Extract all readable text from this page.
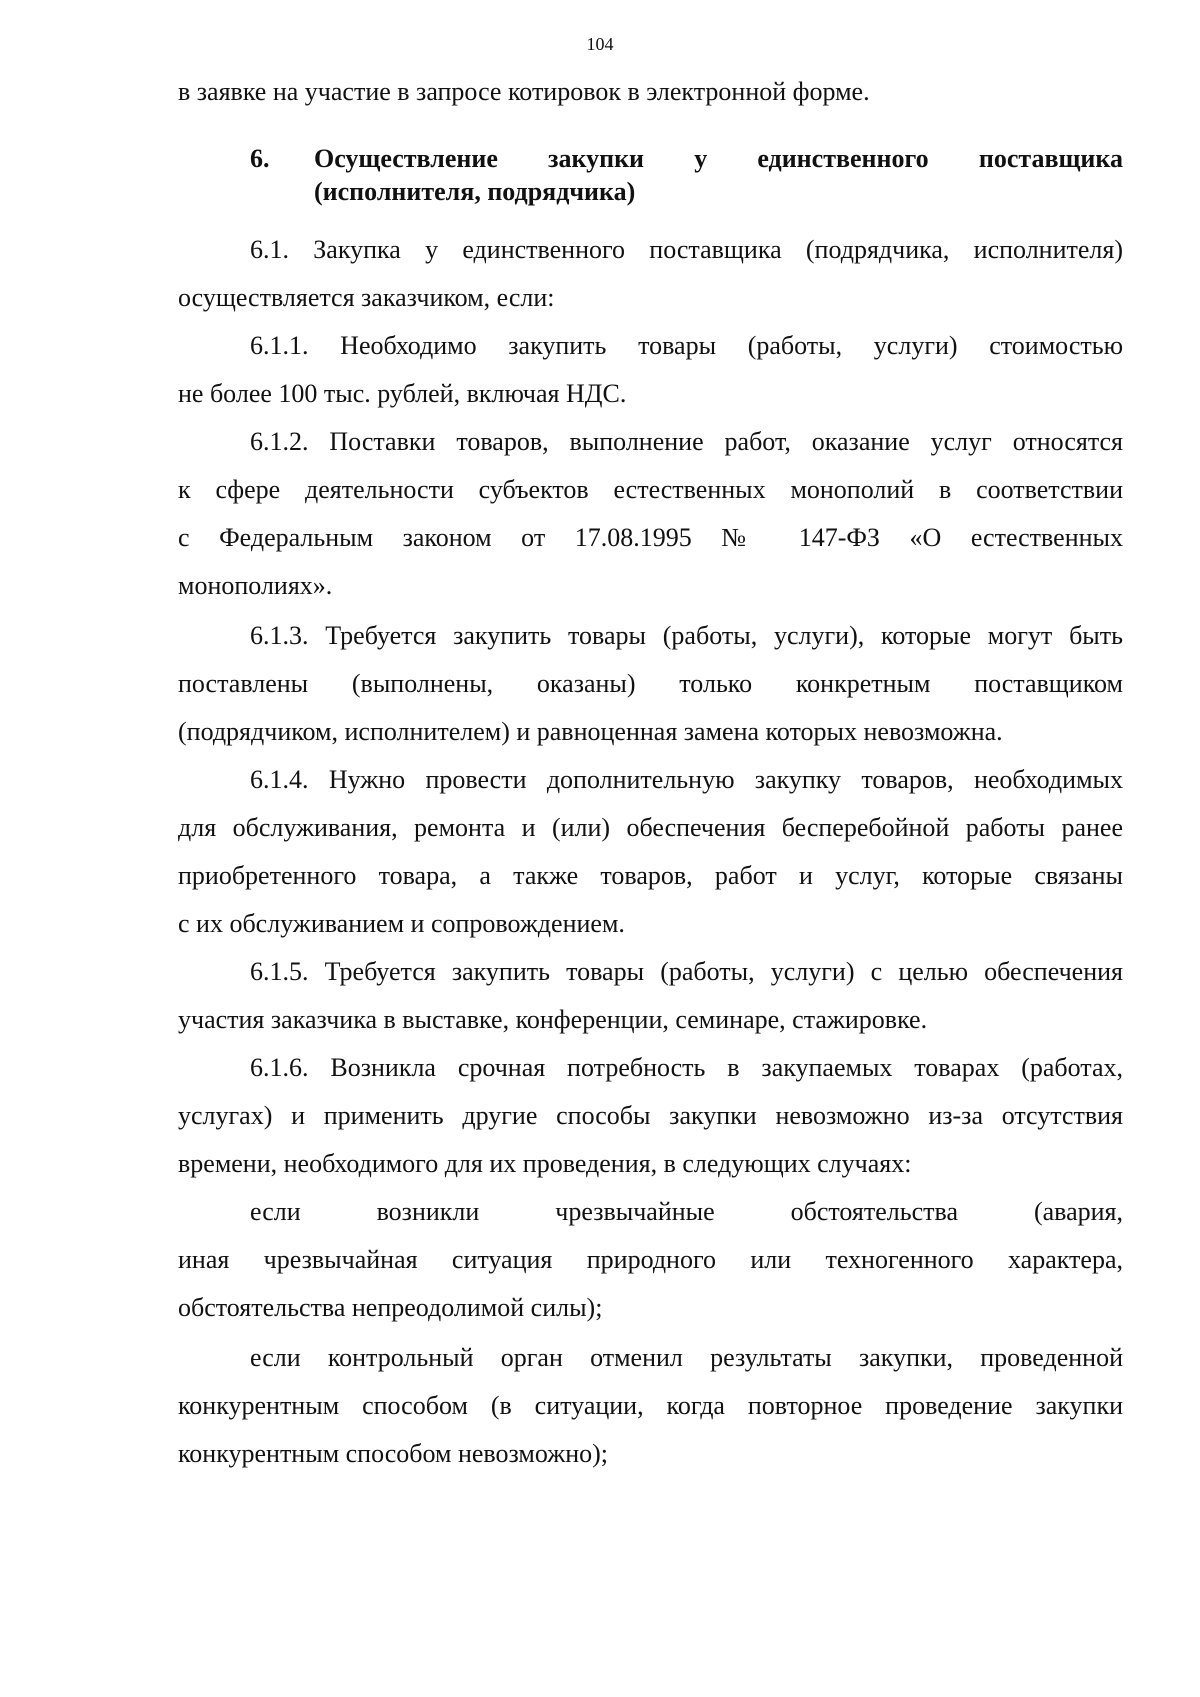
104
в заявке на участие в запросе котировок в электронной форме.
6. Осуществление закупки у единственного поставщика
(исполнителя, подрядчика)
6.1. Закупка у единственного поставщика (подрядчика, исполнителя)
осуществляется заказчиком, если:
6.1.1. Необходимо закупить товары (работы, услуги) стоимостью
не более 100 тыс. рублей, включая НДС.
6.1.2. Поставки товаров, выполнение работ, оказание услуг относятся
к сфере деятельности субъектов естественных монополий в соответствии
с Федеральным законом от 17.08.1995 № 147-ФЗ «О естественных
монополиях».
6.1.3. Требуется закупить товары (работы, услуги), которые могут быть
поставлены (выполнены, оказаны) только конкретным поставщиком
(подрядчиком, исполнителем) и равноценная замена которых невозможна.
6.1.4. Нужно провести дополнительную закупку товаров, необходимых
для обслуживания, ремонта и (или) обеспечения бесперебойной работы ранее
приобретенного товара, а также товаров, работ и услуг, которые связаны
с их обслуживанием и сопровождением.
6.1.5. Требуется закупить товары (работы, услуги) с целью обеспечения
участия заказчика в выставке, конференции, семинаре, стажировке.
6.1.6. Возникла срочная потребность в закупаемых товарах (работах,
услугах) и применить другие способы закупки невозможно из-за отсутствия
времени, необходимого для их проведения, в следующих случаях:
если возникли чрезвычайные обстоятельства (авария,
иная чрезвычайная ситуация природного или техногенного характера,
обстоятельства непреодолимой силы);
если контрольный орган отменил результаты закупки, проведенной
конкурентным способом (в ситуации, когда повторное проведение закупки
конкурентным способом невозможно);
